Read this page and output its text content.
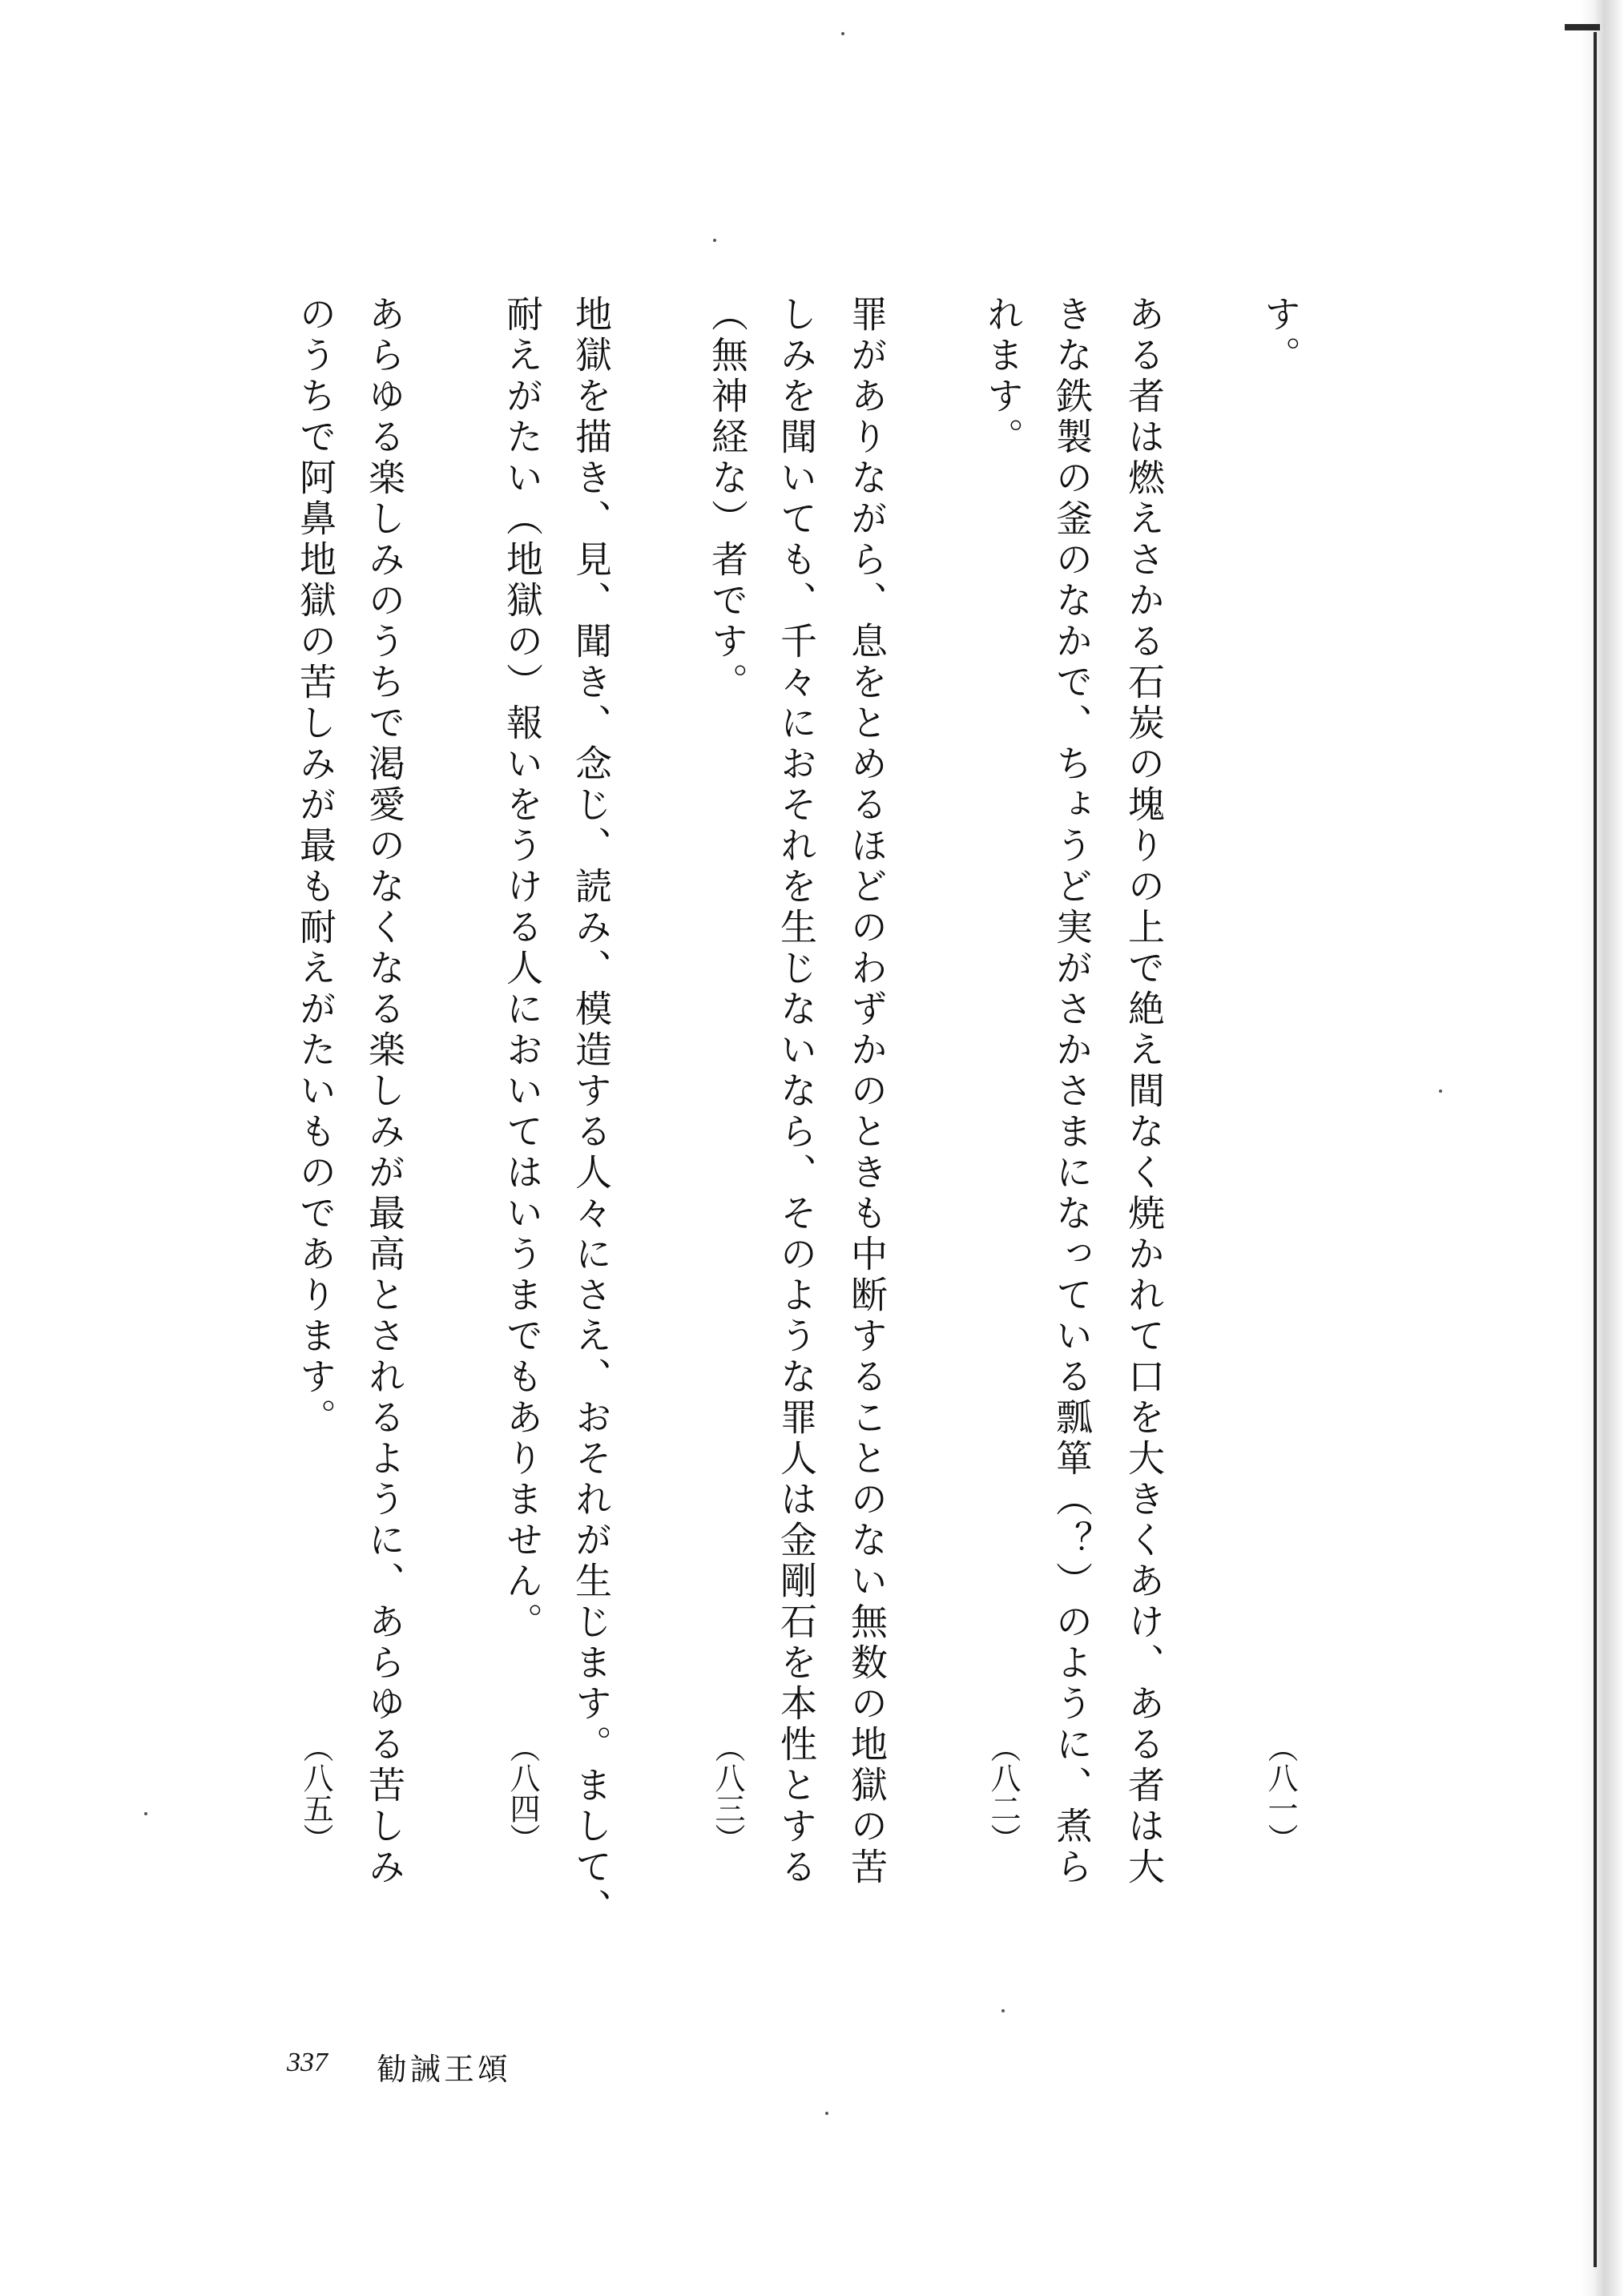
す。
（八一）
ある者は燃えさかる石炭の塊りの上で絶え間なく焼かれて口を大きくあけ、ある者は大
きな鉄製の釜のなかで、ちょうど実がさかさまになっている瓢箪（？）のように、煮ら
れます。
（八二）
罪がありながら、息をとめるほどのわずかのときも中断することのない無数の地獄の苦
しみを聞いても、千々におそれを生じないなら、そのような罪人は金剛石を本性とする
（無神経な）者です。
（八三）
地獄を描き、見、聞き、念じ、読み、模造する人々にさえ、おそれが生じます。まして、
耐えがたい（地獄の）報いをうける人においてはいうまでもありません。
（八四）
あらゆる楽しみのうちで渇愛のなくなる楽しみが最高とされるように、あらゆる苦しみ
のうちで阿鼻地獄の苦しみが最も耐えがたいものであります。
（八五）
337 勧誡王頌
